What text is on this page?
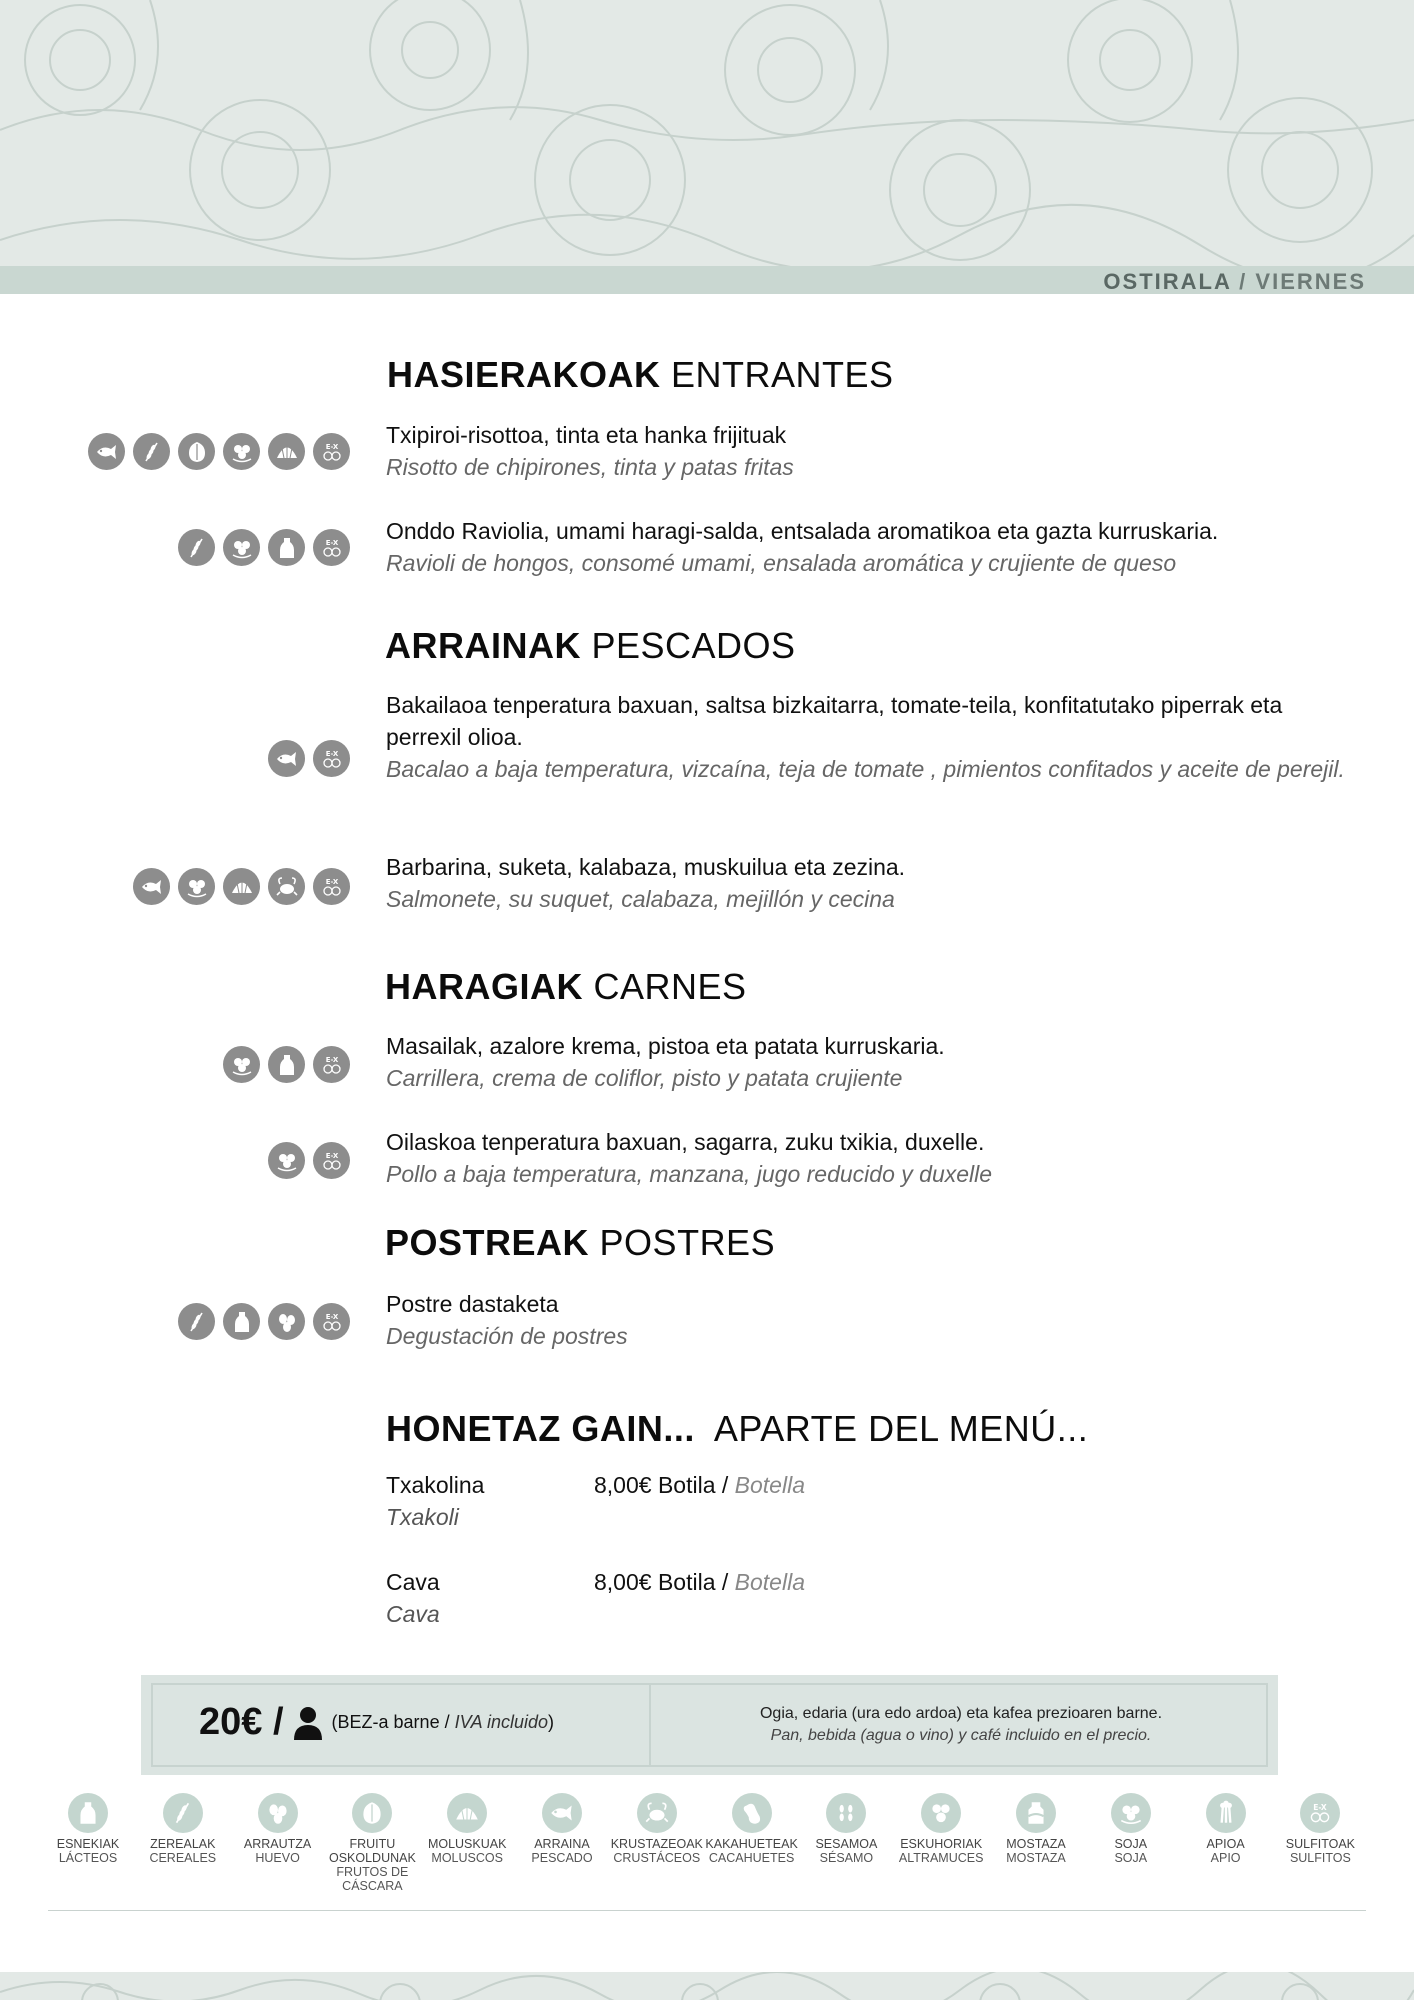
OSTIRALA / VIERNES
HASIERAKOAK ENTRANTES
ARRAINAK PESCADOS
HARAGIAK CARNES
POSTREAK POSTRES
Txipiroi-risottoa, tinta eta hanka frijituak
Risotto de chipirones, tinta y patas fritas
E-X
Onddo Raviolia, umami haragi-salda, entsalada aromatikoa eta gazta kurruskaria.
Ravioli de hongos, consomé umami, ensalada aromática y crujiente de queso
E-X
Bakailaoa tenperatura baxuan, saltsa bizkaitarra, tomate-teila, konfitatutako piperrak eta perrexil olioa.
Bacalao a baja temperatura, vizcaína, teja de tomate , pimientos confitados y aceite de perejil.
E-X
Barbarina, suketa, kalabaza, muskuilua eta zezina.
Salmonete, su suquet, calabaza, mejillón y cecina
E-X
Masailak, azalore krema, pistoa eta patata kurruskaria.
Carrillera, crema de coliflor, pisto y patata crujiente
E-X
Oilaskoa tenperatura baxuan, sagarra, zuku txikia, duxelle.
Pollo a baja temperatura, manzana, jugo reducido y duxelle
E-X
Postre dastaketa
Degustación de postres
E-X
HONETAZ GAIN... APARTE DEL MENÚ...
Txakolina
Txakoli
8,00€ Botila / Botella
Cava
Cava
8,00€ Botila / Botella
20€ /	(BEZ-a barne / IVA incluido)	Ogia, edaria (ura edo ardoa) eta kafea prezioaren barne.
Pan, bebida (agua o vino) y café incluido en el precio.
ESNEKIAK
LÁCTEOS
ZEREALAK
CEREALES
ARRAUTZA
HUEVO
FRUITU OSKOLDUNAK
FRUTOS DE CÁSCARA
MOLUSKUAK
MOLUSCOS
ARRAINA
PESCADO
KRUSTAZEOAK
CRUSTÁCEOS
KAKAHUETEAK
CACAHUETES
SESAMOA
SÉSAMO
ESKUHORIAK
ALTRAMUCES
MOSTAZA
MOSTAZA
SOJA
SOJA
APIOA
APIO
E-X
SULFITOAK
SULFITOS
